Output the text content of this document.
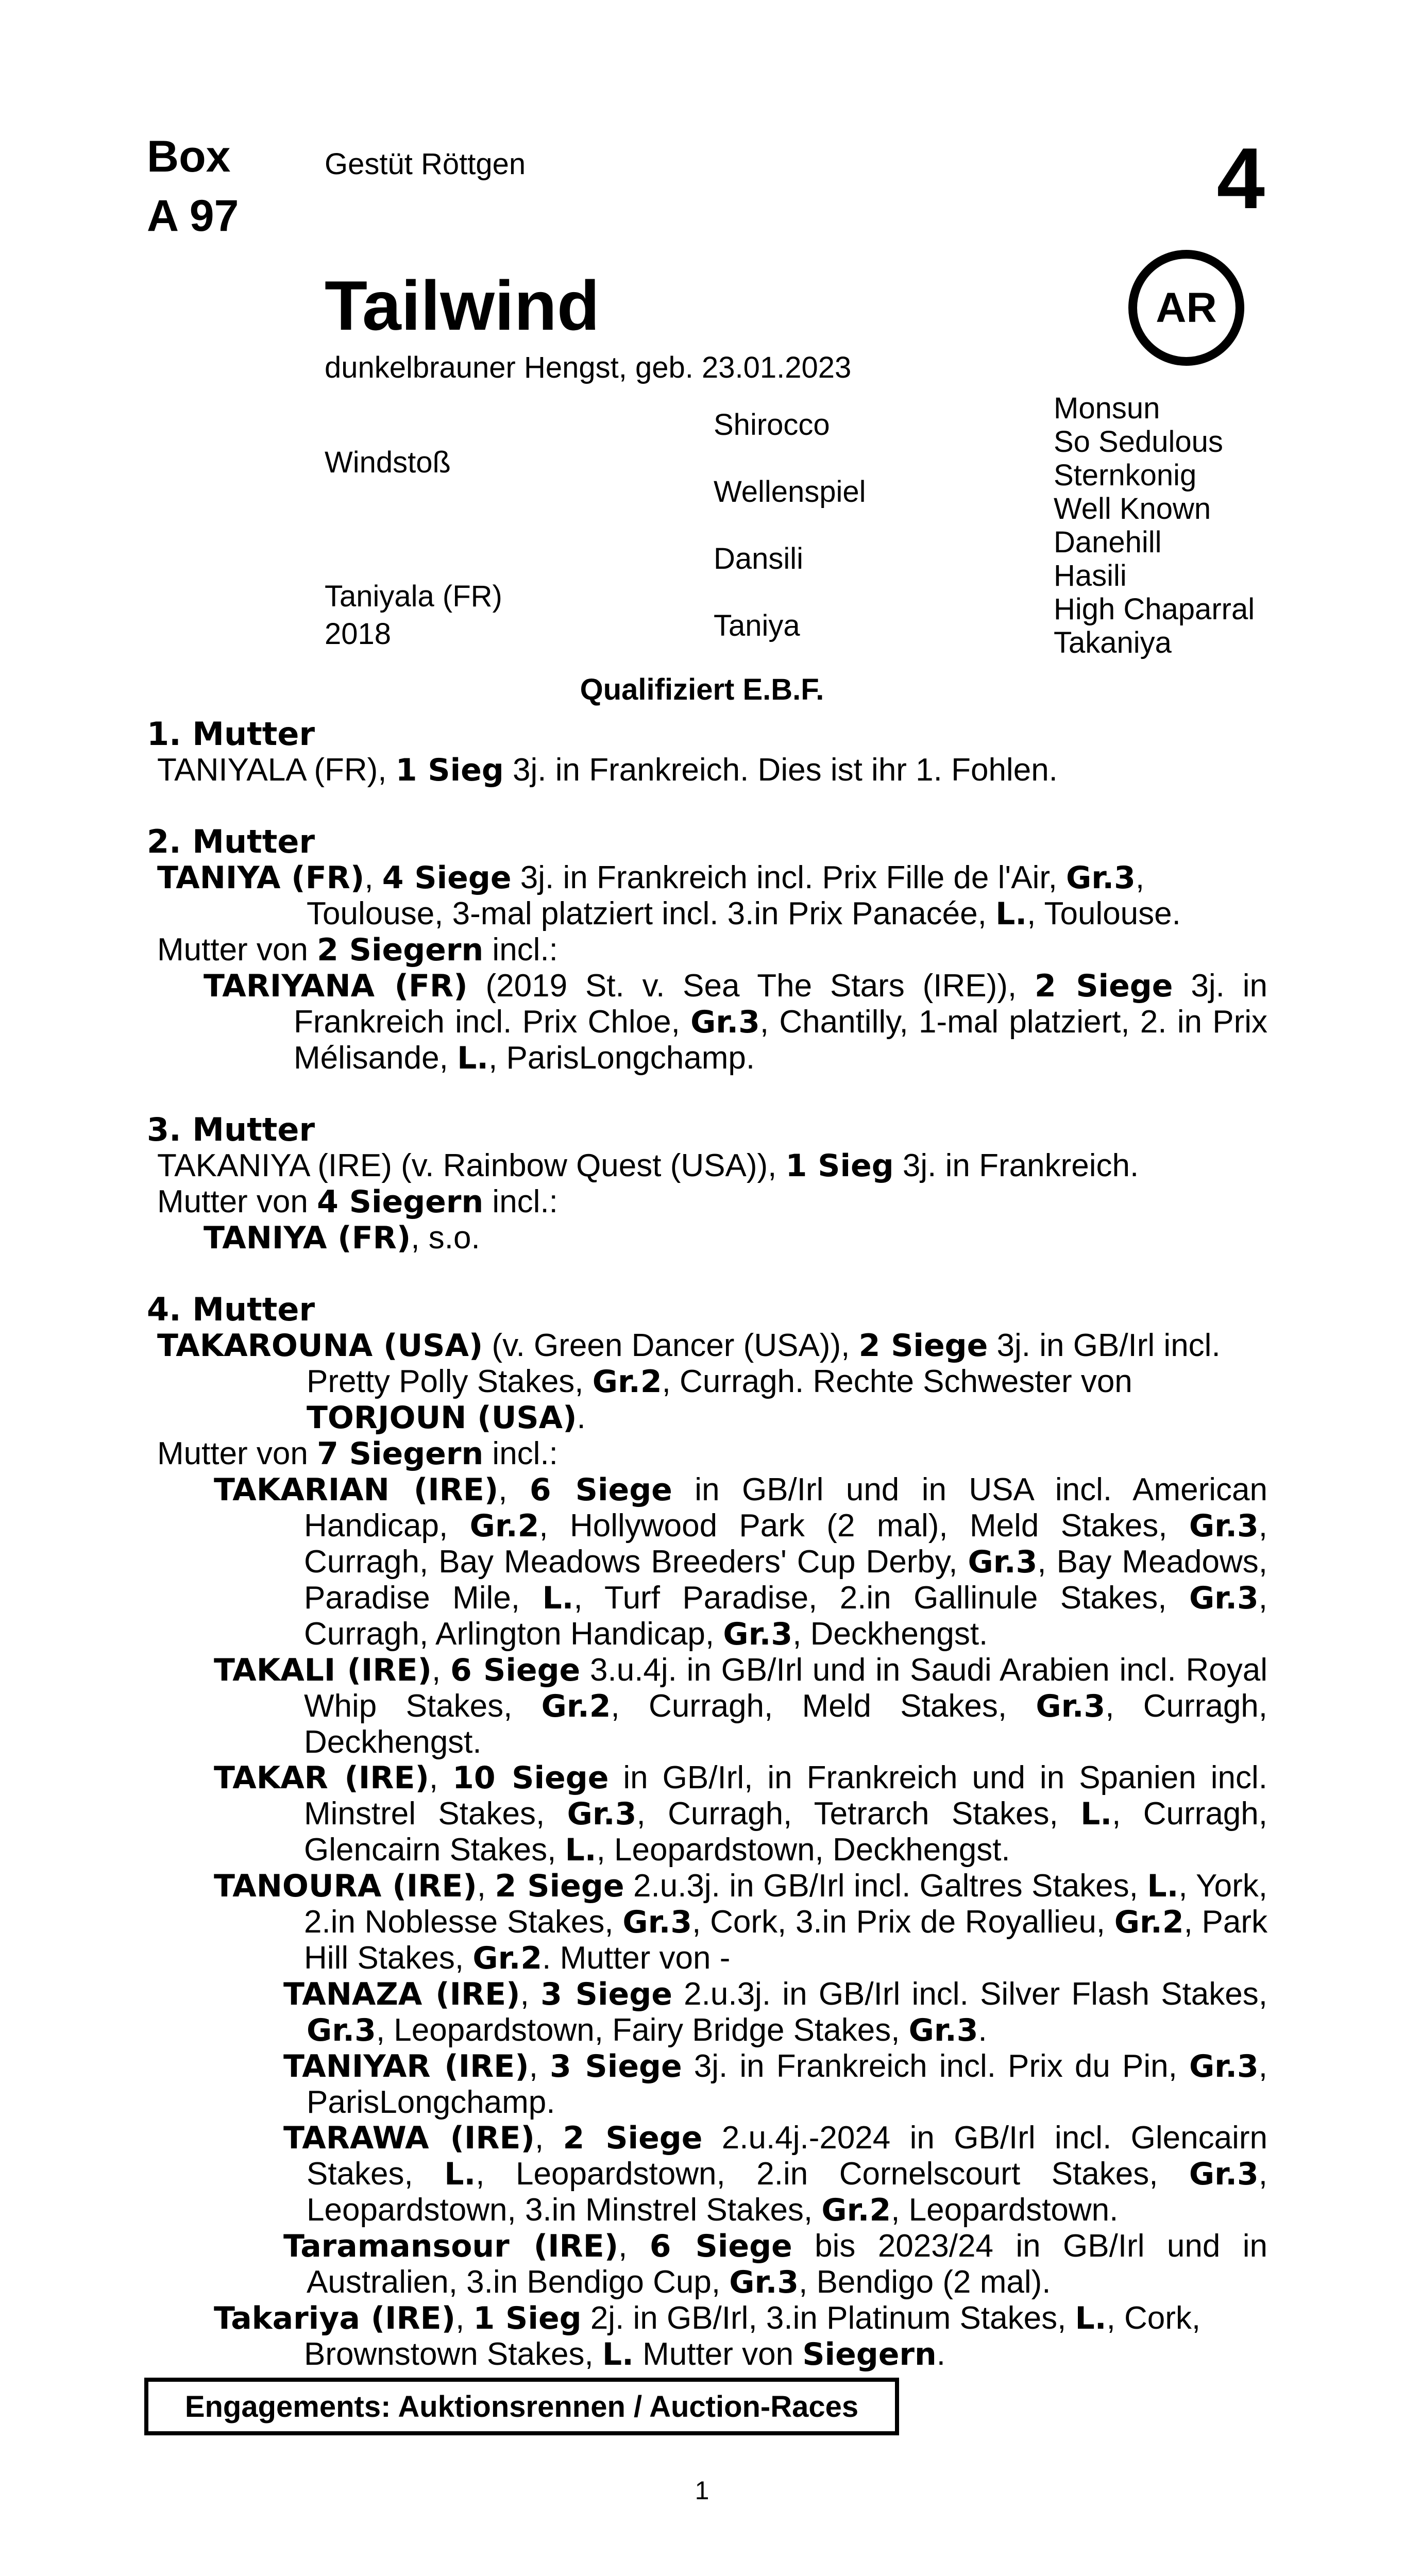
Box
A 97
Gestüt Röttgen	4
AR
Tailwind
dunkelbrauner Hengst, geb. 23.01.2023
Windstoß
Taniyala (FR)
2018
Shirocco
Wellenspiel
Dansili
Taniya
Monsun
So Sedulous
Sternkonig
Well Known
Danehill
Hasili
High Chaparral
Takaniya
Qualifiziert E.B.F.
1. Mutter
TANIYALA (FR), 1 Sieg 3j. in Frankreich. Dies ist ihr 1. Fohlen.
2. Mutter
TANIYA (FR), 4 Siege 3j. in Frankreich incl. Prix Fille de l'Air, Gr.3, Toulouse, 3-mal platziert incl. 3.in Prix Panacée, L., Toulouse.
Mutter von 2 Siegern incl.:
TARIYANA (FR) (2019 St. v. Sea The Stars (IRE)), 2 Siege 3j. in Frankreich incl. Prix Chloe, Gr.3, Chantilly, 1-mal platziert, 2. in Prix Mélisande, L., ParisLongchamp.
3. Mutter
TAKANIYA (IRE) (v. Rainbow Quest (USA)), 1 Sieg 3j. in Frankreich.
Mutter von 4 Siegern incl.:
TANIYA (FR), s.o.
4. Mutter
TAKAROUNA (USA) (v. Green Dancer (USA)), 2 Siege 3j. in GB/Irl incl. Pretty Polly Stakes, Gr.2, Curragh. Rechte Schwester von TORJOUN (USA).
Mutter von 7 Siegern incl.:
TAKARIAN (IRE), 6 Siege in GB/Irl und in USA incl. American Handicap, Gr.2, Hollywood Park (2 mal), Meld Stakes, Gr.3, Curragh, Bay Meadows Breeders' Cup Derby, Gr.3, Bay Meadows, Paradise Mile, L., Turf Paradise, 2.in Gallinule Stakes, Gr.3, Curragh, Arlington Handicap, Gr.3, Deckhengst.
TAKALI (IRE), 6 Siege 3.u.4j. in GB/Irl und in Saudi Arabien incl. Royal Whip Stakes, Gr.2, Curragh, Meld Stakes, Gr.3, Curragh, Deckhengst.
TAKAR (IRE), 10 Siege in GB/Irl, in Frankreich und in Spanien incl. Minstrel Stakes, Gr.3, Curragh, Tetrarch Stakes, L., Curragh, Glencairn Stakes, L., Leopardstown, Deckhengst.
TANOURA (IRE), 2 Siege 2.u.3j. in GB/Irl incl. Galtres Stakes, L., York, 2.in Noblesse Stakes, Gr.3, Cork, 3.in Prix de Royallieu, Gr.2, Park Hill Stakes, Gr.2. Mutter von -
TANAZA (IRE), 3 Siege 2.u.3j. in GB/Irl incl. Silver Flash Stakes, Gr.3, Leopardstown, Fairy Bridge Stakes, Gr.3.
TANIYAR (IRE), 3 Siege 3j. in Frankreich incl. Prix du Pin, Gr.3, ParisLongchamp.
TARAWA (IRE), 2 Siege 2.u.4j.-2024 in GB/Irl incl. Glencairn Stakes, L., Leopardstown, 2.in Cornelscourt Stakes, Gr.3, Leopardstown, 3.in Minstrel Stakes, Gr.2, Leopardstown.
Taramansour (IRE), 6 Siege bis 2023/24 in GB/Irl und in Australien, 3.in Bendigo Cup, Gr.3, Bendigo (2 mal).
Takariya (IRE), 1 Sieg 2j. in GB/Irl, 3.in Platinum Stakes, L., Cork, Brownstown Stakes, L. Mutter von Siegern.
Engagements: Auktionsrennen / Auction-Races
1
